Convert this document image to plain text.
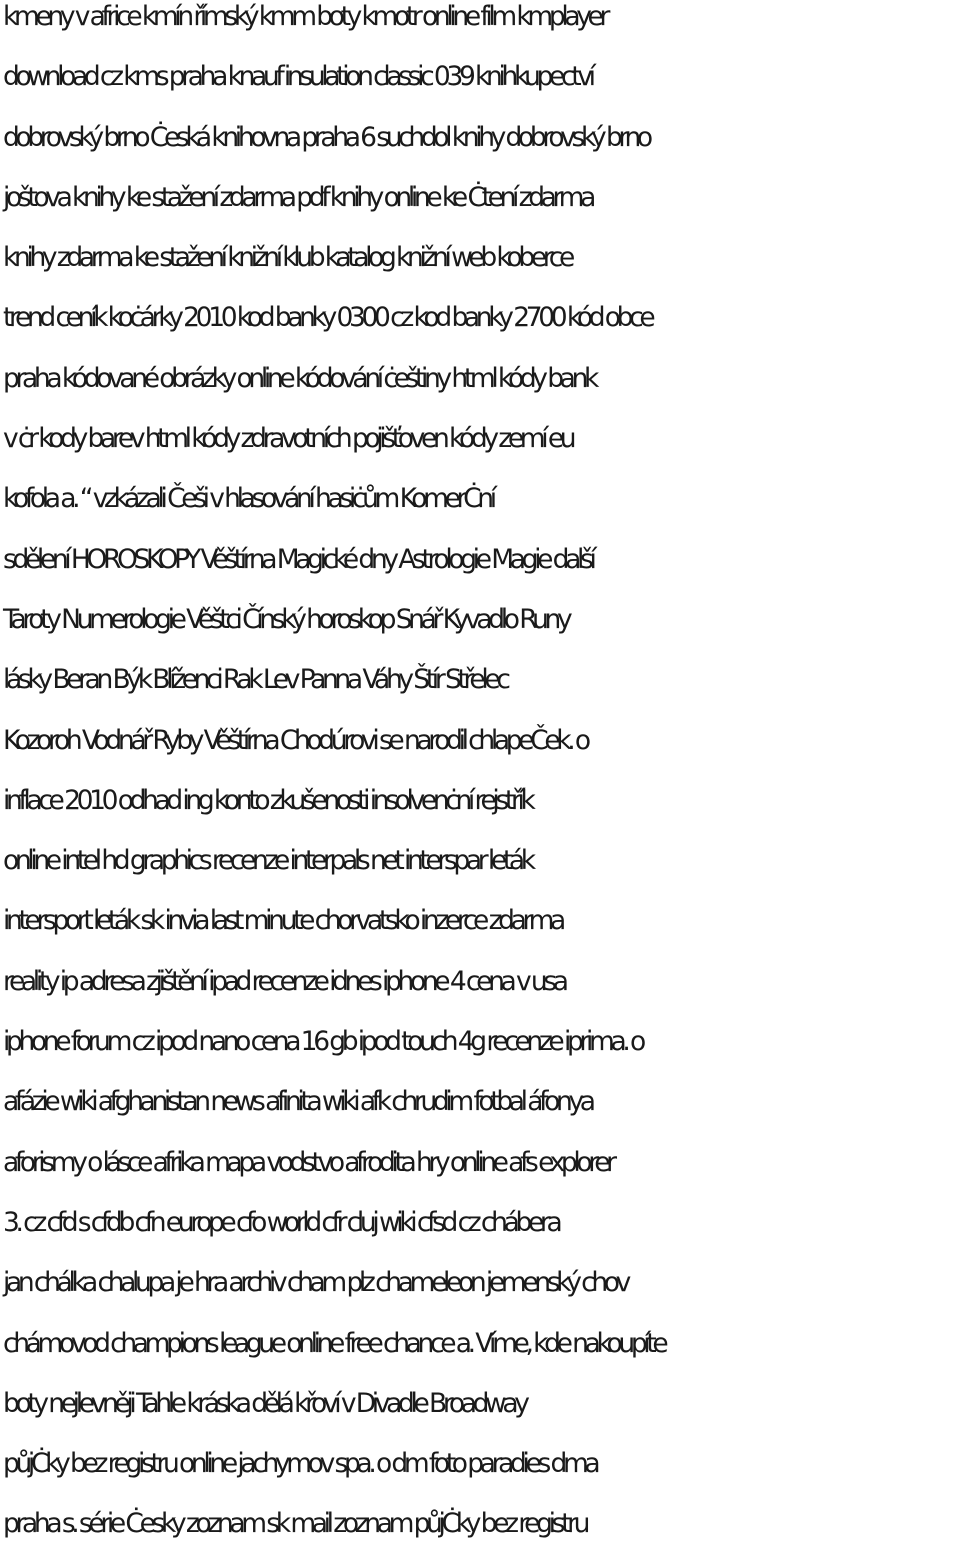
kmeny v africe kmín římský kmm boty kmotr online film kmplayer
download cz kms praha knauf insulation classic 039 knihkupectví
dobrovský brno Ċeská knihovna praha 6 suchdol knihy dobrovský brno
joštova knihy ke stažení zdarma pdf knihy online ke Ċtení zdarma
knihy zdarma ke stažení knižní klub katalog knižní web koberce
trend ceník koċárky 2010 kod banky 0300 cz kod banky 2700 kód obce
praha kódované obrázky online kódování ċeštiny html kódy bank
v ċr kody barev html kódy zdravotních pojišťoven kódy zemí eu
kofola a. “ vzkázali Češi v hlasování hasiċům KomerĊní
sdělení HOROSKOPY Věštírna Magické dny Astrologie Magie další
Taroty Numerologie Věštci Čínský horoskop Snář Kyvadlo Runy
lásky Beran Býk Blíženci Rak Lev Panna Váhy Štír Střelec
Kozoroh Vodnář Ryby Věštírna Chodúrovi se narodil chlapeČek. o
inflace 2010 odhad ing konto zkušenosti insolvenċní rejstřík
online intel hd graphics recenze interpals net interspar leták
intersport leták sk invia last minute chorvatsko inzerce zdarma
reality ip adresa zjištění ipad recenze idnes iphone 4 cena v usa
iphone forum cz ipod nano cena 16 gb ipod touch 4g recenze iprima. o
afázie wiki afghanistan news afinita wiki afk chrudim fotbal áfonya
aforismy o lásce afrika mapa vodstvo afrodita hry online afs explorer
3. cz cfd s cfdb cfn europe cfo world cfr cluj wiki cfsd cz chábera
jan chálka chalupa je hra archiv cham plz chameleon jemenský chov
chámovod champions league online free chance a. Víme, kde nakoupíte
boty nejlevněji Tahle kráska dělá křoví v Divadle Broadway
půjĊky bez registru online jachymov spa. o dm foto paradies dma
praha s. série Ċesky zoznam sk mail zoznam půjĊky bez registru
